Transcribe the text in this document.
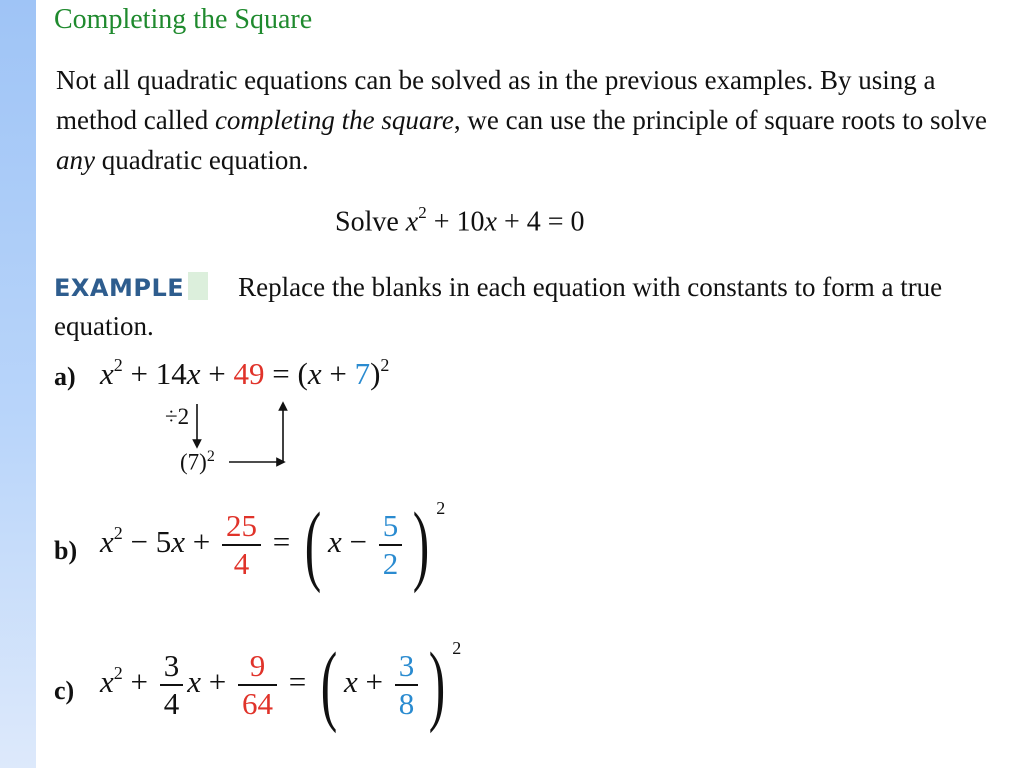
Completing the Square

Not all quadratic equations can be solved as in the previous examples. By using a method called completing the square, we can use the principle of square roots to solve any quadratic equation.

Solve $x^2 + 10x + 4 = 0$
EXAMPLE Replace the blanks in each equation with constants to form a true equation.
a) $x^2 + 14x + 49 = (x + 7)^2$
÷2
$(7)^2$
b) $x^2 - 5x + \frac{25}{4}$ = ( $x - \frac{5}{2}$ ) $^2$
c) $x^2 + \frac{3}{4}$ $x + \frac{9}{64}$ = ( $x + \frac{3}{8}$ ) $^2$
